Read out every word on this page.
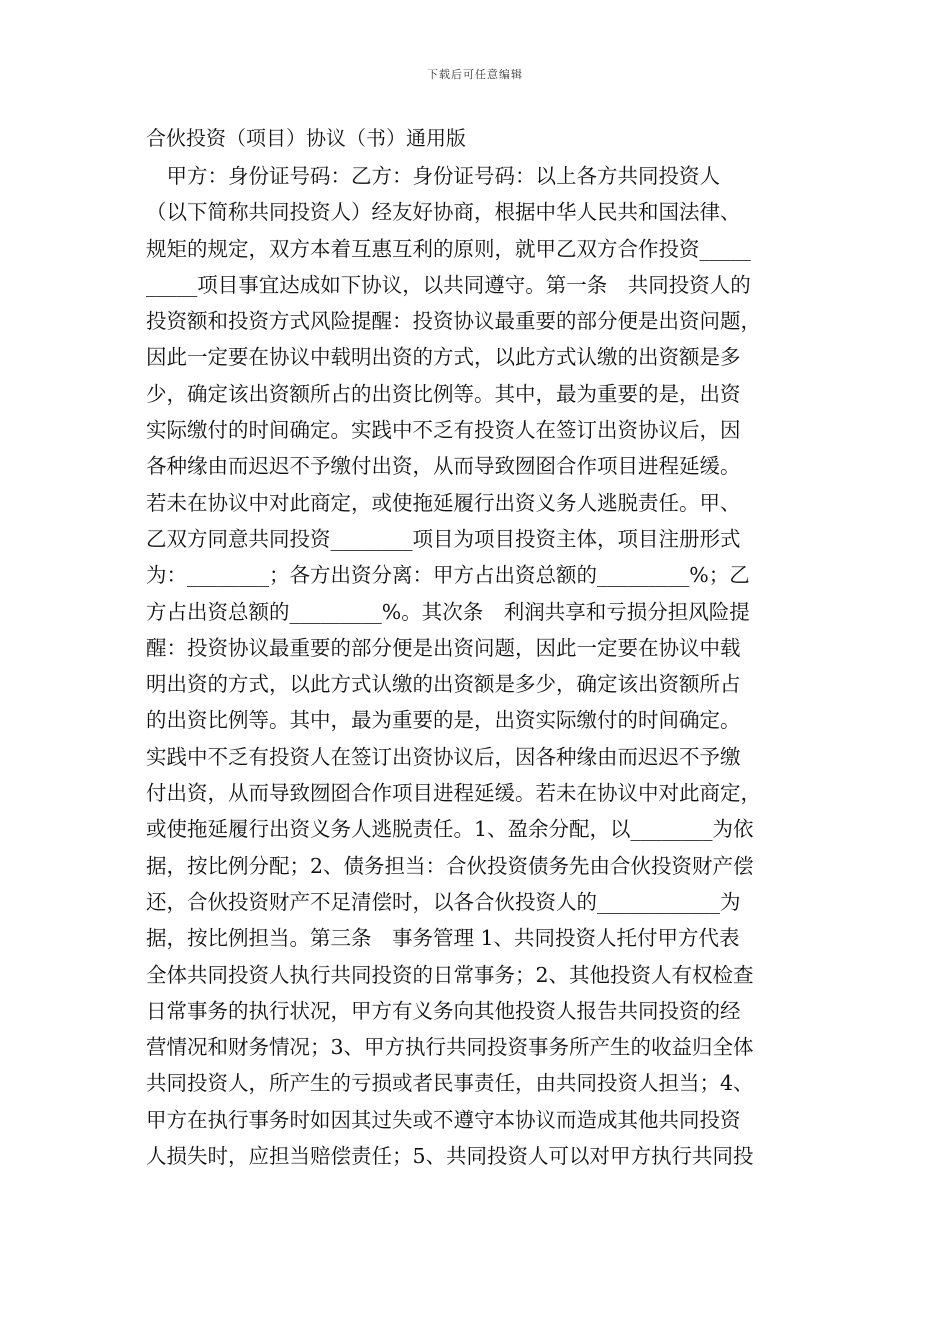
下载后可任意编辑
合伙投资（项目）协议（书）通用版
　甲方：身份证号码：乙方：身份证号码：以上各方共同投资人
（以下简称共同投资人）经友好协商，根据中华人民共和国法律、
规矩的规定，双方本着互惠互利的原则，就甲乙双方合作投资_____
_____项目事宜达成如下协议，以共同遵守。第一条　共同投资人的
投资额和投资方式风险提醒：投资协议最重要的部分便是出资问题，
因此一定要在协议中载明出资的方式，以此方式认缴的出资额是多
少，确定该出资额所占的出资比例等。其中，最为重要的是，出资
实际缴付的时间确定。实践中不乏有投资人在签订出资协议后，因
各种缘由而迟迟不予缴付出资，从而导致囫囵合作项目进程延缓。
若未在协议中对此商定，或使拖延履行出资义务人逃脱责任。甲、
乙双方同意共同投资________项目为项目投资主体，项目注册形式
为：________；各方出资分离：甲方占出资总额的_________%；乙
方占出资总额的_________%。其次条　利润共享和亏损分担风险提
醒：投资协议最重要的部分便是出资问题，因此一定要在协议中载
明出资的方式，以此方式认缴的出资额是多少，确定该出资额所占
的出资比例等。其中，最为重要的是，出资实际缴付的时间确定。
实践中不乏有投资人在签订出资协议后，因各种缘由而迟迟不予缴
付出资，从而导致囫囵合作项目进程延缓。若未在协议中对此商定，
或使拖延履行出资义务人逃脱责任。1、盈余分配，以________为依
据，按比例分配；2、债务担当：合伙投资债务先由合伙投资财产偿
还，合伙投资财产不足清偿时，以各合伙投资人的____________为
据，按比例担当。第三条　事务管理 1、共同投资人托付甲方代表
全体共同投资人执行共同投资的日常事务；2、其他投资人有权检查
日常事务的执行状况，甲方有义务向其他投资人报告共同投资的经
营情况和财务情况；3、甲方执行共同投资事务所产生的收益归全体
共同投资人，所产生的亏损或者民事责任，由共同投资人担当；4、
甲方在执行事务时如因其过失或不遵守本协议而造成其他共同投资
人损失时，应担当赔偿责任；5、共同投资人可以对甲方执行共同投
